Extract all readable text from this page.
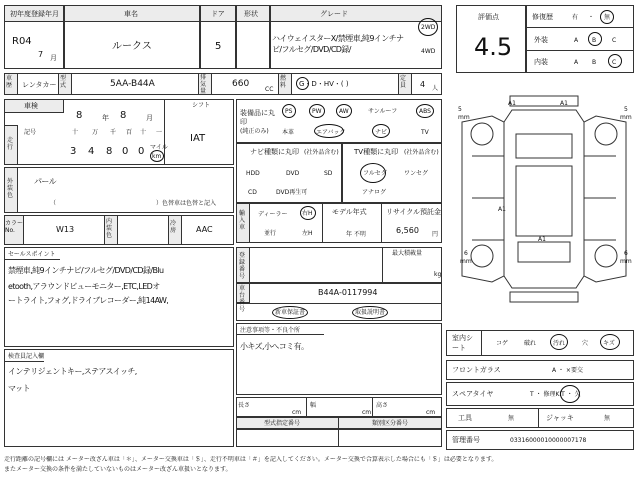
初年度登録年月
R04
7 月
車名
ルークス
ドア
5
形状	グレード
ハイウェイスターX/禁煙車,純9インチナビ/フルセグ/DVD/CD録/
2WD
4WD
車歴 レンタカー
型式	5AA-B44A
排気量
660
CC
燃料 G・D・HV・( )
定員 4 人
車検
8	年 8	月
シフト
IAT
走行
記号	十 万 千 百 十 一
3 4 8 0 0 マイル
km
外装色
パール
）色替車は色替と記入
（
カラーNo.	W13
内装色
冷房 AAC
装備品に丸印
(純正のみ)
PS	PW	AW	サンルーフ	ABS
本革	エアバック	ナビ	TV
ナビ種類に丸印 (社外品含む)
HDD	DVD	SD
CD	DVD再生可
TV種類に丸印 (社外品含む)
フルセグ	ワンセグ
アナログ
輸入車
ディーラー 右H
並行	左H
モデル年式
年 不明
リサイクル預託金
6,560 円
セールスポイント
禁煙車,純9インチナビ/フルセグ/DVD/CD録/Blu
etooth,アラウンドビューモニター,ETC,LEDオ
ートライト,フォグ,ドライブレコーダー,純14AW,
検査員記入欄
インテリジェントキー,ステアスイッチ,
マット
登録番号
最大積載量
kg
車台 号
B44A-0117994
新車保証書	取扱説明書
注意事項等・不良个所
小キズ,小へコミ有。
長さ
cm
幅
cm
高さ
cm
型式指定番号	類別区分番号
評価点
4.5
修復歴	有 ・ 無
外装	A B	C
内装	A B	C
A1	A1
A1
A1
5
mm
5
mm
6
mm
6
mm
室内シート
コゲ	破れ	汚れ	穴 キズ
フロントガラス	A ・ ×要交
スペアタイヤ	T ・ 修理KIT ・ 欠
工具	無	ジャッキ	無
管理番号	03316000010000007178
走行距離の記号欄には メーター改ざん車は「＊」、メーター交換車は「＄」、走行不明車は「＃」を記入してください。メーター交換で合算表示した場合にも「＄」は必要となります。
またメーター交換の条件を満たしていないものはメーター改ざん車扱いとなります。
